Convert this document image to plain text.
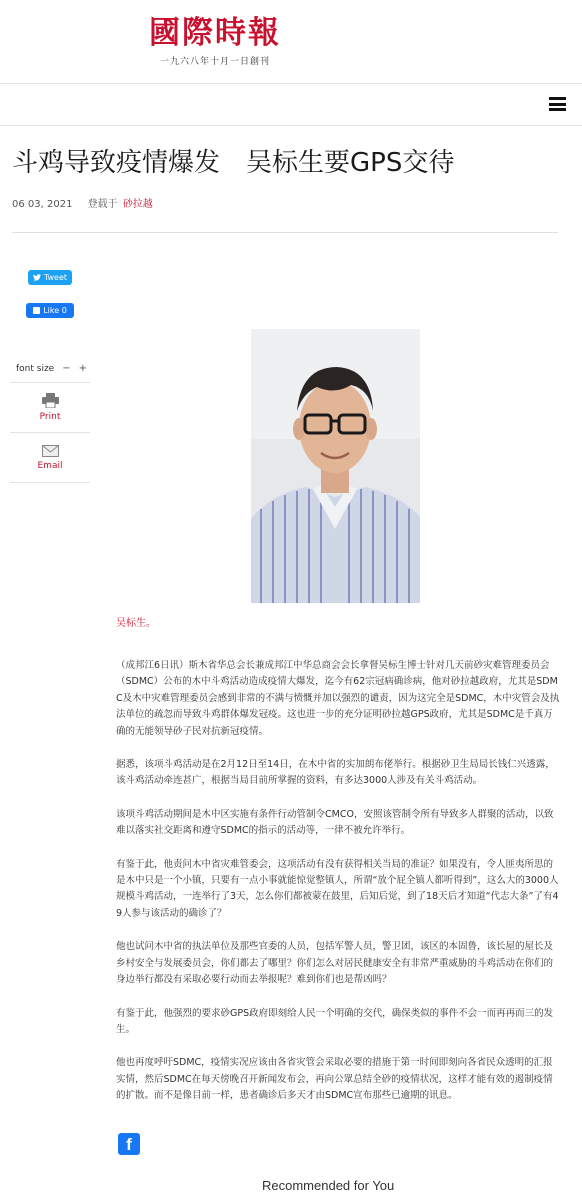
國際時報
一九六八年十月一日創刊
斗鸡导致疫情爆发　吴标生要GPS交待
06 03, 2021 登载于 砂拉越
Tweet
Like 0
font size − +
Print
Email
吴标生。

（成邦江6日讯）斯木省华总会长兼成邦江中华总商会会长拿督吴标生博士针对几天前砂灾难管理委员会（SDMC）公布的木中斗鸡活动造成疫情大爆发，迄今有62宗冠病确诊病，他对砂拉越政府，尤其是SDMC及木中灾难管理委员会感到非常的不满与愤慨并加以强烈的谴责，因为这完全是SDMC，木中灾管会及执法单位的疏忽而导致斗鸡群体爆发冠疫。这也进一步的充分证明砂拉越GPS政府，尤其是SDMC是千真万确的无能领导砂子民对抗新冠疫情。

据悉，该项斗鸡活动是在2月12日至14日，在木中省的实加朗布佬举行。根据砂卫生局局长钱仁兴透露，该斗鸡活动牵连甚广，根据当局目前所掌握的资料，有多达3000人涉及有关斗鸡活动。

该项斗鸡活动期间是木中区实施有条件行动管制令CMCO，安照该管制令所有导致多人群聚的活动，以致难以落实社交距离和遵守SDMC的指示的活动等，一律不被允许举行。

有鉴于此，他责问木中省灾难管委会，这项活动有没有获得相关当局的准证？如果没有，令人匪夷所思的是木中只是一个小镇，只要有一点小事就能惊觉整镇人，所谓“放个屁全镇人都听得到”，这么大的3000人规模斗鸡活动，一连举行了3天，怎么你们都被蒙在鼓里，后知后觉，到了18天后才知道“代志大条”了有49人参与该活动的确诊了？

他也试问木中省的执法单位及那些官委的人员，包括军警人员，警卫团，该区的本固鲁，该长屋的屋长及乡村安全与发展委员会，你们都去了哪里？你们怎么对居民健康安全有非常严重威胁的斗鸡活动在你们的身边举行都没有采取必要行动而去举报呢？难到你们也是帮凶吗？

有鉴于此，他强烈的要求砂GPS政府即刻给人民一个明确的交代，确保类似的事件不会一而再再而三的发生。

他也再度呼吁SDMC，疫情实况应该由各省灾管会采取必要的措施于第一时间即刻向各省民众透明的汇报实情，然后SDMC在每天傍晚召开新闻发布会，再向公眾总结全砂的疫情状况，这样才能有效的遏制疫情的扩散。而不是像目前一样，患者确诊后多天才由SDMC宣布那些已逾期的讯息。

f
Recommended for You
